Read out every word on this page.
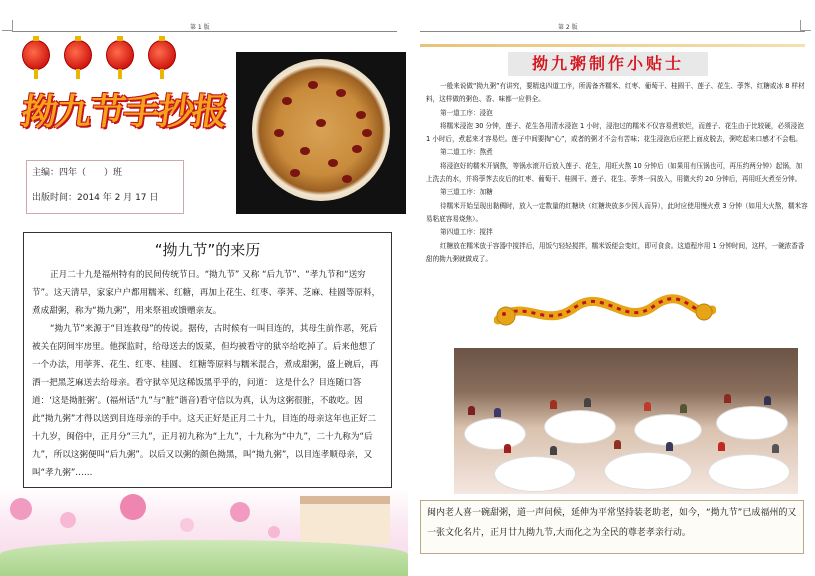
第 1 版
拗九节手抄报
主编：四年（　　）班
出版时间：2014 年 2 月 17 日
“拗九节”的来历

正月二十九是福州特有的民间传统节日。“拗九节” 又称 “后九节”、“孝九节和“送穷节”。这天清早，家家户户都用糯米、红糖，再加上花生、红枣、荸荠、芝麻、桂圆等原料，煮成甜粥，称为“拗九粥”，用来祭祖或馈赠亲友。

“拗九节”来源于“目连救母”的传说。据传，古时候有一叫目连的，其母生前作恶，死后被关在阴间牢房里。他探监时，给母送去的饭菜，但均被看守的狱卒给吃掉了。后来他想了一个办法，用荸荠、花生、红枣、桂圆、 红糖等原料与糯米混合，煮成甜粥，盛上碗后，再洒一把黑芝麻送去给母亲。看守狱卒见这稀饭黑乎乎的，问道： 这是什么？目连随口答道：‘这是拗脏粥’。(福州话“九”与“脏”谐音)看守信以为真，认为这粥很脏，不敢吃。因此“拗九粥”才得以送到目连母亲的手中。这天正好是正月二十九，目连的母亲这年也正好二十九岁，闽俗中，正月分“三九”，正月初九称为“上九”，十九称为“中九”，二十九称为“后九”，所以这粥便叫“后九粥”。以后又以粥的颜色拗黑，叫“拗九粥”，以目连孝顺母亲，又叫“孝九粥”……

第 2 版
拗九粥制作小贴士

一般来说做“拗九粥”有讲究，要精选四道工序，所需备齐糯米、红枣、葡萄干、桂圆干、莲子、花生、荸荠、红糖或冰 8 样材料，这样做的粥色、香、味都一应俱全。

第一道工序：浸泡

将糯米浸泡 30 分钟，莲子、花生各用清水浸泡 1 小时，浸泡过的糯米不仅容易煮软烂，而莲子、花生由于比较硬，必须浸泡 1 小时后，煮起来才容易烂。莲子中间要掏“心”，或者的粥才不会有苦味；花生浸泡后应把上面皮脱去，粥吃起来口感才不会粗。

第二道工序：熬煮

将浸泡好的糯米开锅熬，等锅水滚开后放入莲子、花生，用旺火熬 10 分钟后（如果用有压锅也可，再压约两分钟）起锅，加上洗去的水，并将荸荠去皮后的红枣、葡萄干、桂圆干、莲子、花生、荸荠一同放入，用微火约 20 分钟后，再用旺火煮至分钟。

第三道工序：加糖

待糯米开始呈现出黏稠时，放入一定数量的红糖块（红糖块放多少因人而异），此时应使用慢火煮 3 分钟（如用大火熬，糯米容易粘底容易烧焦）。

第四道工序：搅拌

红糖放在糯米放于容器中搅拌后，用饭勺轻轻搅拌，糯米饭便会变红，即可食食。这道程序用 1 分钟时间，这样，一碗浓香香甜的拗九粥就做成了。

闽内老人喜一碗甜粥，道一声问候，延伸为平常坚持装老助老，如今，“拗九节”已成福州的又一张文化名片，正月廿九拗九节,大而化之为全民的尊老孝亲行动。
